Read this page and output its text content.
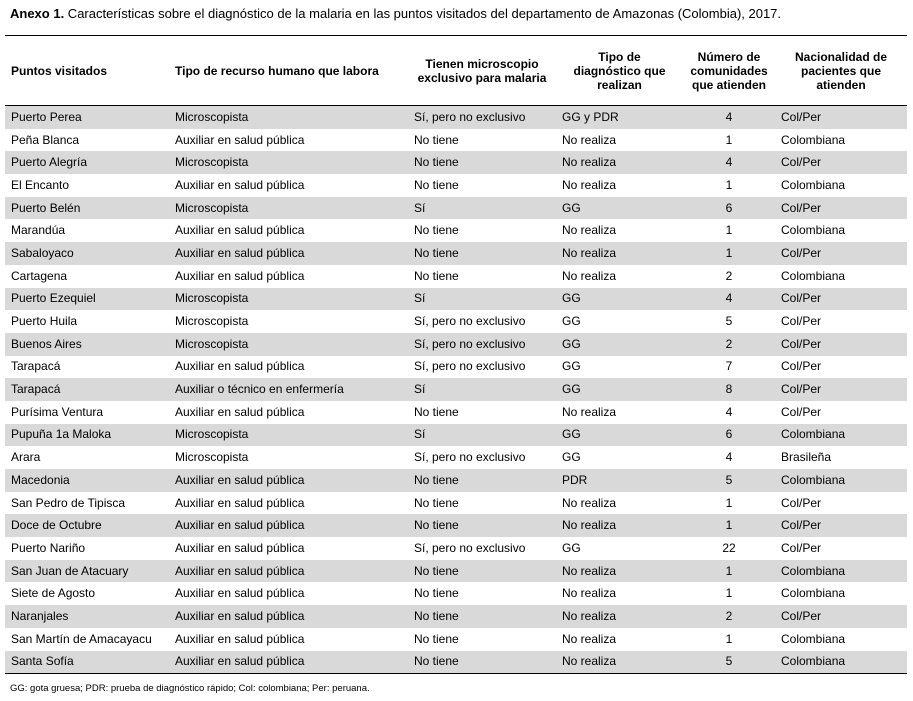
Anexo 1. Características sobre el diagnóstico de la malaria en las puntos visitados del departamento de Amazonas (Colombia), 2017.
Puntos visitados	Tipo de recurso humano que labora	Tienen microscopio exclusivo para malaria	Tipo de diagnóstico que realizan	Número de comunidades que atienden	Nacionalidad de pacientes que atienden
Puerto Perea	Microscopista	Sí, pero no exclusivo	GG y PDR	4	Col/Per
Peña Blanca	Auxiliar en salud pública	No tiene	No realiza	1	Colombiana
Puerto Alegría	Microscopista	No tiene	No realiza	4	Col/Per
El Encanto	Auxiliar en salud pública	No tiene	No realiza	1	Colombiana
Puerto Belén	Microscopista	Sí	GG	6	Col/Per
Marandúa	Auxiliar en salud pública	No tiene	No realiza	1	Colombiana
Sabaloyaco	Auxiliar en salud pública	No tiene	No realiza	1	Col/Per
Cartagena	Auxiliar en salud pública	No tiene	No realiza	2	Colombiana
Puerto Ezequiel	Microscopista	Sí	GG	4	Col/Per
Puerto Huila	Microscopista	Sí, pero no exclusivo	GG	5	Col/Per
Buenos Aires	Microscopista	Sí, pero no exclusivo	GG	2	Col/Per
Tarapacá	Auxiliar en salud pública	Sí, pero no exclusivo	GG	7	Col/Per
Tarapacá	Auxiliar o técnico en enfermería	Sí	GG	8	Col/Per
Purísima Ventura	Auxiliar en salud pública	No tiene	No realiza	4	Col/Per
Pupuña 1a Maloka	Microscopista	Sí	GG	6	Colombiana
Arara	Microscopista	Sí, pero no exclusivo	GG	4	Brasileña
Macedonia	Auxiliar en salud pública	No tiene	PDR	5	Colombiana
San Pedro de Tipisca	Auxiliar en salud pública	No tiene	No realiza	1	Col/Per
Doce de Octubre	Auxiliar en salud pública	No tiene	No realiza	1	Col/Per
Puerto Nariño	Auxiliar en salud pública	Sí, pero no exclusivo	GG	22	Col/Per
San Juan de Atacuary	Auxiliar en salud pública	No tiene	No realiza	1	Colombiana
Siete de Agosto	Auxiliar en salud pública	No tiene	No realiza	1	Colombiana
Naranjales	Auxiliar en salud pública	No tiene	No realiza	2	Col/Per
San Martín de Amacayacu	Auxiliar en salud pública	No tiene	No realiza	1	Colombiana
Santa Sofía	Auxiliar en salud pública	No tiene	No realiza	5	Colombiana
GG: gota gruesa; PDR: prueba de diagnóstico rápido; Col: colombiana; Per: peruana.
